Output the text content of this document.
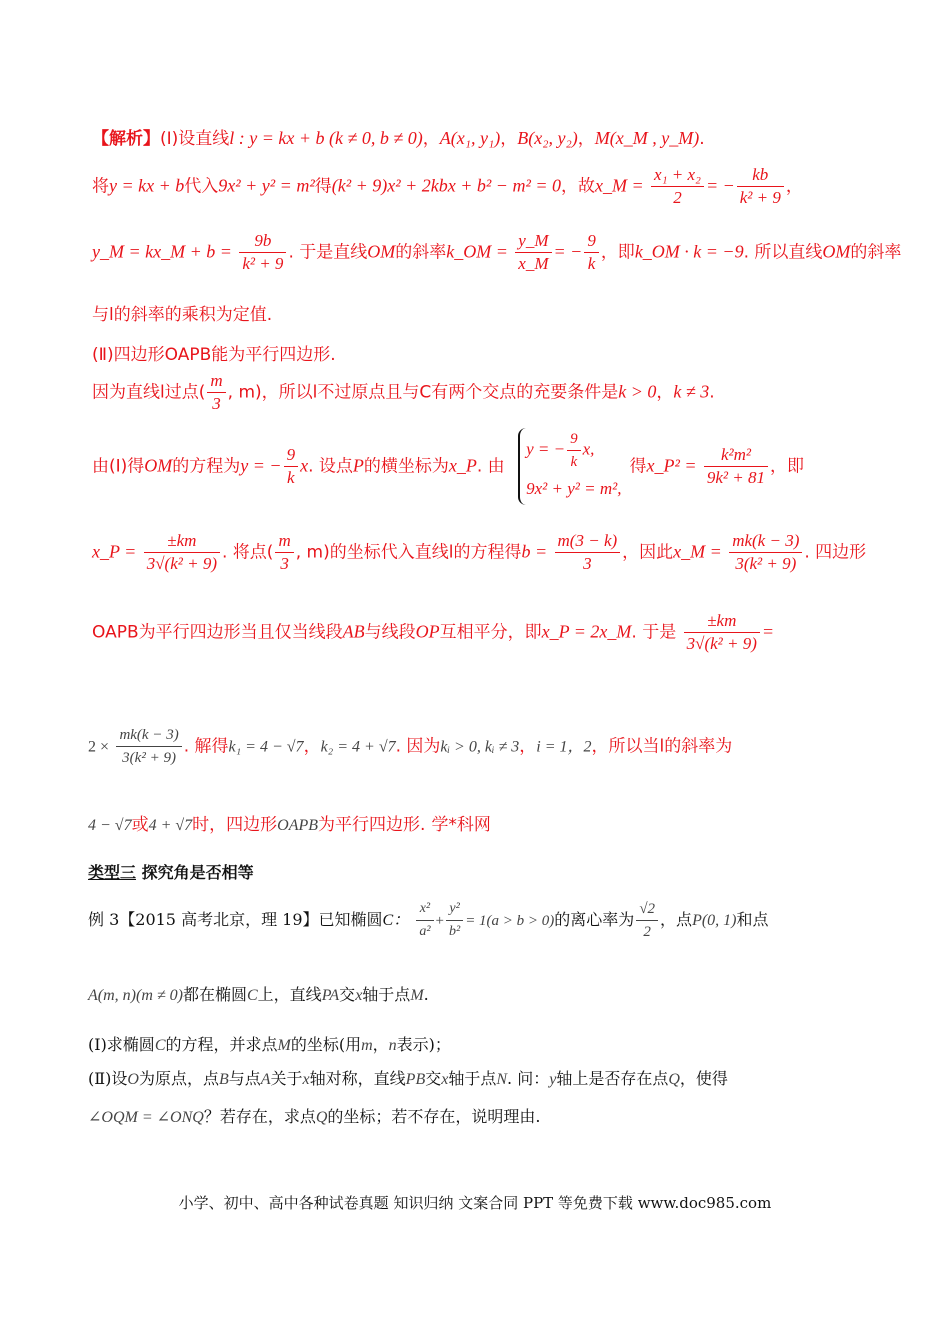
【解析】(Ⅰ)设直线l : y = kx + b (k ≠ 0, b ≠ 0)，A(x₁, y₁)，B(x₂, y₂)，M(x_M , y_M).
将y = kx + b代入9x² + y² = m²得(k² + 9)x² + 2kbx + b² − m² = 0，故x_M = $\frac{\text{x₁ + x₂}}{2}$ = − $\frac{kb}{\text{k² + 9}}$ ，
y_M = kx_M + $b = \frac{9b}{\text{k² + 9}}$ . 于是直线OM的斜率k_OM = $\frac{y\_M}{x\_M}$ = − $\frac{9}{k}$ ，即k_OM · k = −9. 所以直线OM的斜率
与l的斜率的乘积为定值.
(Ⅱ)四边形OAPB能为平行四边形.
因为直线l过点( $\frac{m}{3}$ , m)，所以l不过原点且与C有两个交点的充要条件是k > 0，k ≠ 3.
由(Ⅰ)得OM的方程为y = − $\frac{9}{k} x$. 设点P的横坐标为x_P. 由
y = − $\frac{9}{k} x$,
9x² + y² = m²,
得x_P² = $\frac{\text{k²m²}}{\text{9k² + 81}}$ ，即
x_P = $\frac{\pm km}{\text{3√(k² + 9)}}$ . 将点( $\frac{m}{3}$ , m)的坐标代入直线l的方程得$b = \frac{m(3 - k)}{3}$ ，因此x_M = $\frac{mk(k - 3)}{\text{3(k² + 9)}}$ . 四边形
OAPB为平行四边形当且仅当线段AB与线段OP互相平分，即x_P = 2x_M. 于是 $\frac{\pm km}{\text{3√(k² + 9)}}$ =
$2 \times \frac{mk(k - 3)}{\text{3(k² + 9)}}$ . 解得k₁ = 4 − √7，k₂ = 4 + √7. 因为kᵢ > 0, kᵢ ≠ 3，i = 1，2，所以当l的斜率为
4 − √7或4 + √7时，四边形OAPB为平行四边形. 学*科网
类型三 探究角是否相等
例 3【2015 高考北京，理 19】已知椭圆C： $\frac{\text{x²}}{\text{a²}} + \frac{\text{y²}}{\text{b²}} = 1(a > b > 0)$的离心率为 $\frac{√2}{2}$ ，点P(0, 1)和点
A(m, n)(m ≠ 0)都在椭圆C上，直线PA交x轴于点M.
(Ⅰ)求椭圆C的方程，并求点M的坐标(用m，n表示)；
(Ⅱ)设O为原点，点B与点A关于x轴对称，直线PB交x轴于点N. 问：y轴上是否存在点Q，使得
∠OQM = ∠ONQ？若存在，求点Q的坐标；若不存在，说明理由.
小学、初中、高中各种试卷真题 知识归纳 文案合同 PPT 等免费下载 www.doc985.com
